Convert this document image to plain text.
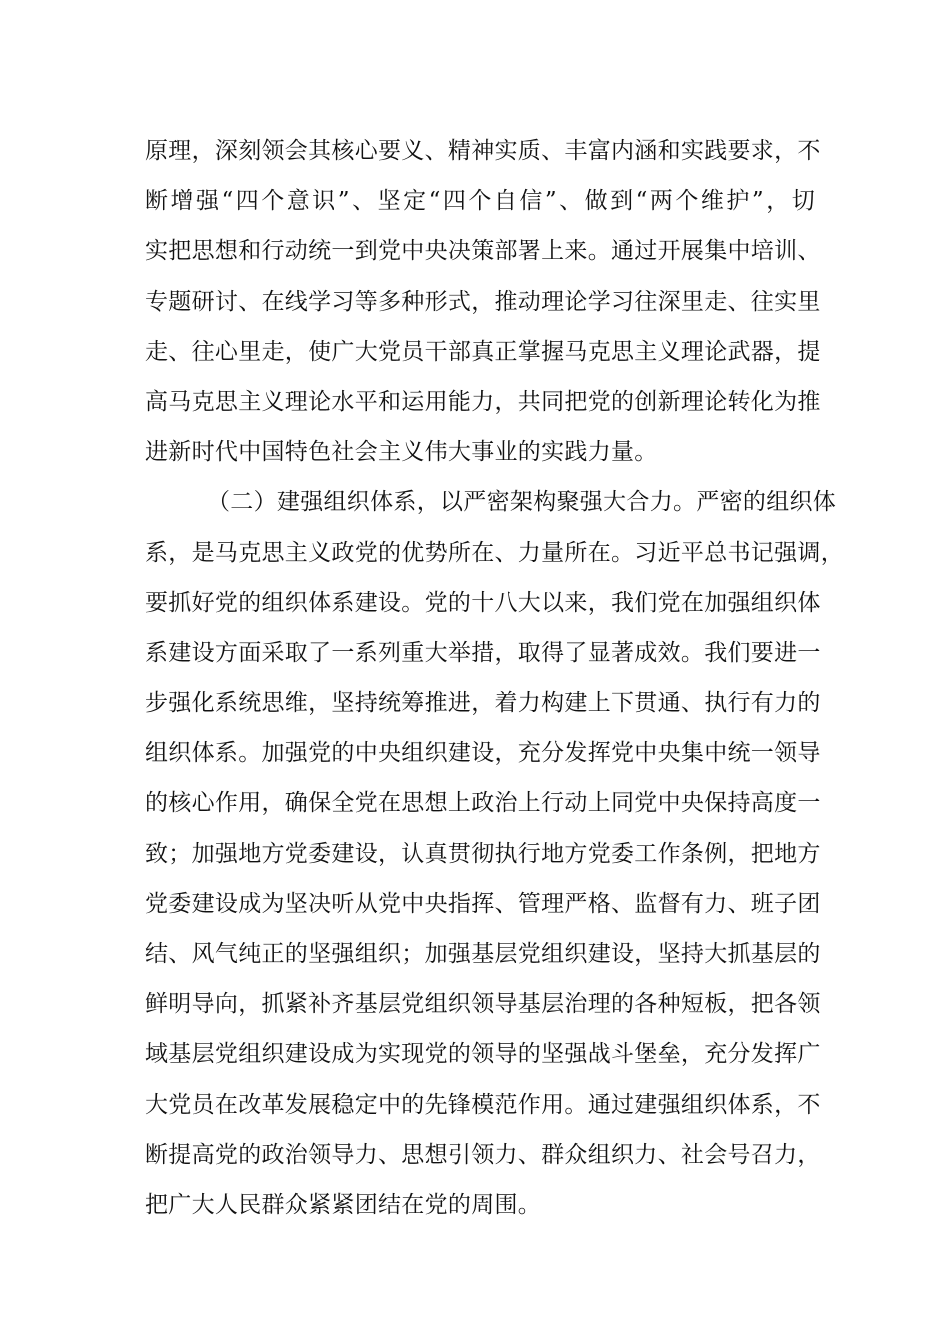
原理，深刻领会其核心要义、精神实质、丰富内涵和实践要求，不
断增强“四个意识”、坚定“四个自信”、做到“两个维护”，切
实把思想和行动统一到党中央决策部署上来。通过开展集中培训、
专题研讨、在线学习等多种形式，推动理论学习往深里走、往实里
走、往心里走，使广大党员干部真正掌握马克思主义理论武器，提
高马克思主义理论水平和运用能力，共同把党的创新理论转化为推
进新时代中国特色社会主义伟大事业的实践力量。
（二）建强组织体系，以严密架构聚强大合力。严密的组织体
系，是马克思主义政党的优势所在、力量所在。习近平总书记强调，
要抓好党的组织体系建设。党的十八大以来，我们党在加强组织体
系建设方面采取了一系列重大举措，取得了显著成效。我们要进一
步强化系统思维，坚持统筹推进，着力构建上下贯通、执行有力的
组织体系。加强党的中央组织建设，充分发挥党中央集中统一领导
的核心作用，确保全党在思想上政治上行动上同党中央保持高度一
致；加强地方党委建设，认真贯彻执行地方党委工作条例，把地方
党委建设成为坚决听从党中央指挥、管理严格、监督有力、班子团
结、风气纯正的坚强组织；加强基层党组织建设，坚持大抓基层的
鲜明导向，抓紧补齐基层党组织领导基层治理的各种短板，把各领
域基层党组织建设成为实现党的领导的坚强战斗堡垒，充分发挥广
大党员在改革发展稳定中的先锋模范作用。通过建强组织体系，不
断提高党的政治领导力、思想引领力、群众组织力、社会号召力，
把广大人民群众紧紧团结在党的周围。
